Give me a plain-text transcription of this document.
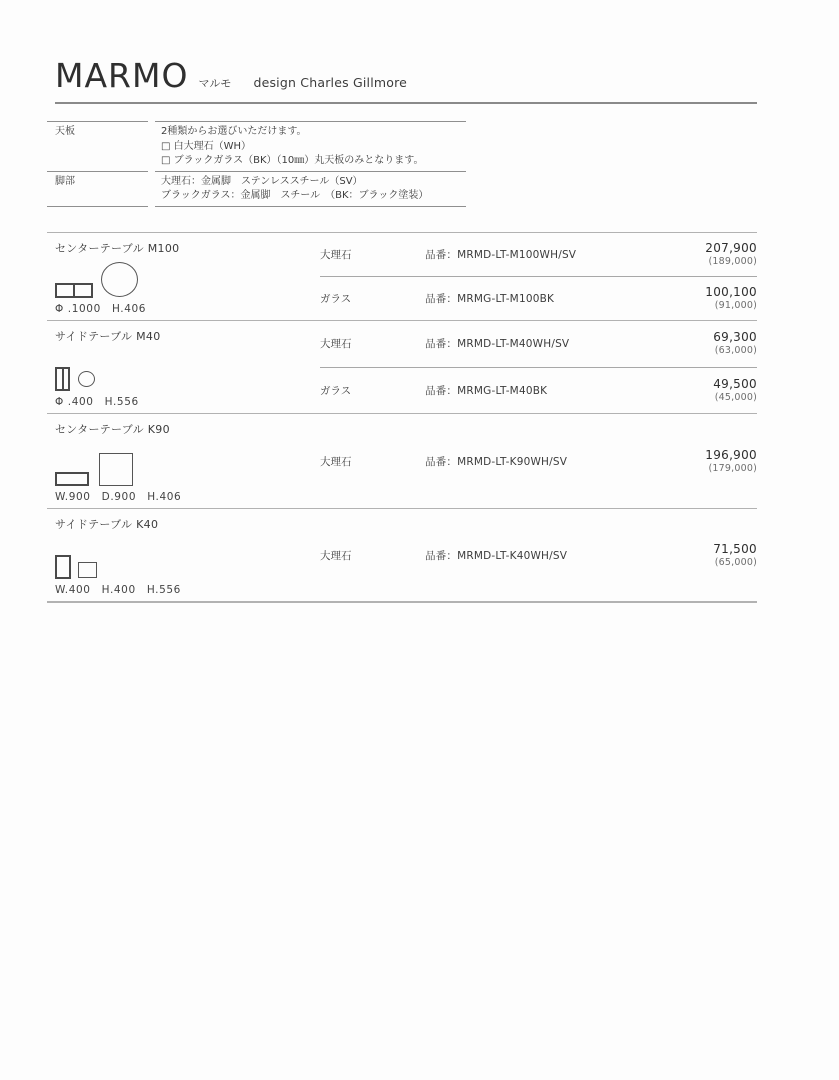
MARMO マルモ design Charles Gillmore
天板	2種類からお選びいただけます。
□ 白大理石（WH）
□ ブラックガラス（BK）（10㎜）丸天板のみとなります。
脚部	大理石：金属脚　ステンレススチール（SV）
ブラックガラス：金属脚　スチール　（BK：ブラック塗装）
センターテーブル M100
Φ .1000　H.406
大理石	品番：MRMD-LT-M100WH/SV	207,900
(189,000)
ガラス	品番：MRMG-LT-M100BK	100,100
(91,000)
サイドテーブル M40
Φ .400　H.556
大理石	品番：MRMD-LT-M40WH/SV	69,300
(63,000)
ガラス	品番：MRMG-LT-M40BK	49,500
(45,000)
センターテーブル K90
W.900　D.900　H.406
大理石	品番：MRMD-LT-K90WH/SV	196,900
(179,000)
サイドテーブル K40
W.400　H.400　H.556
大理石	品番：MRMD-LT-K40WH/SV	71,500
(65,000)
